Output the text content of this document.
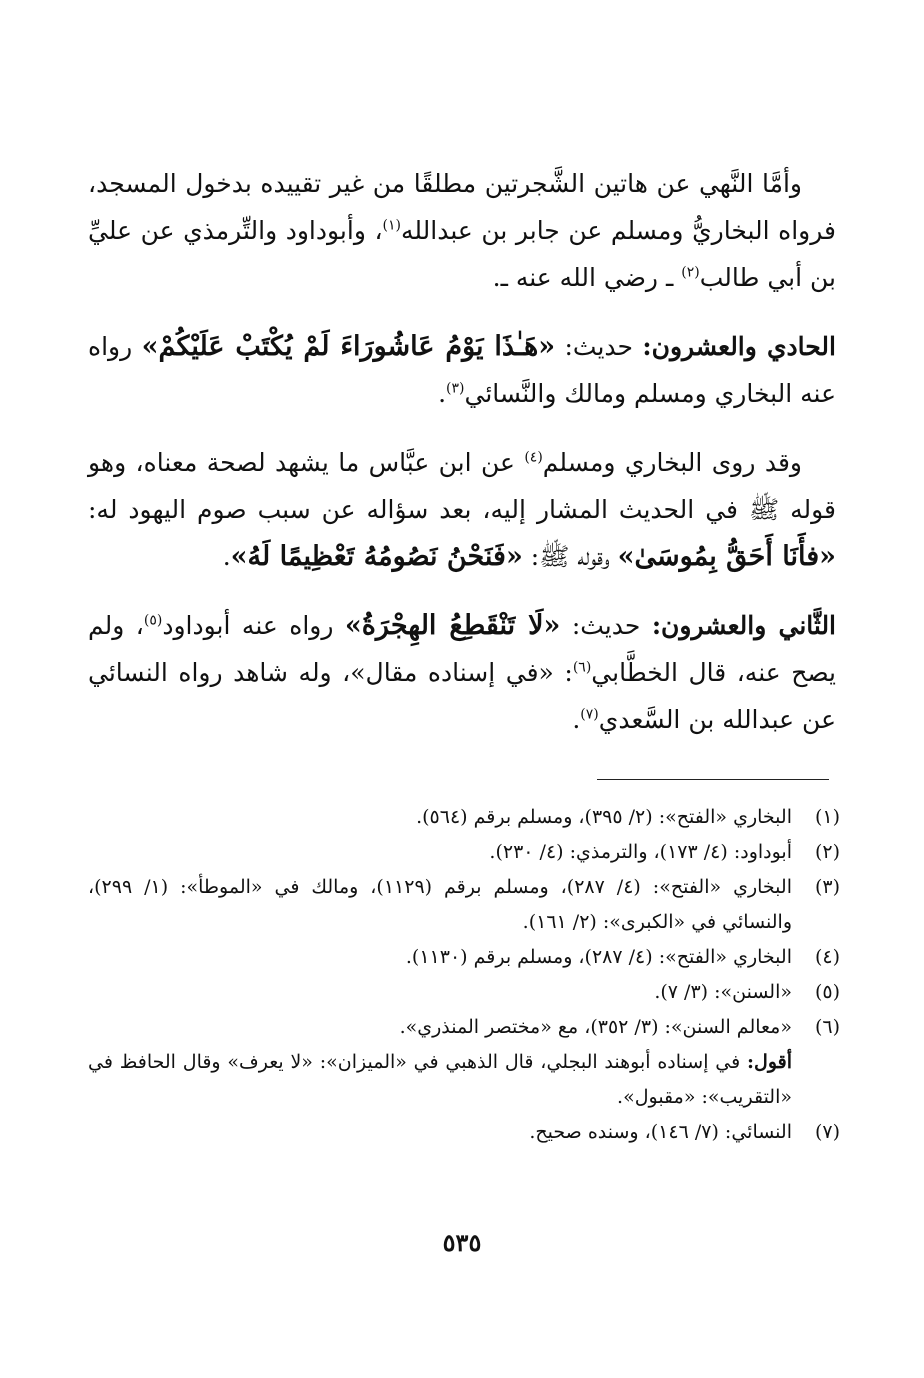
وأمَّا النَّهي عن هاتين الشَّجرتين مطلقًا من غير تقييده بدخول المسجد، فرواه البخاريُّ ومسلم عن جابر بن عبدالله$^{(١)}$، وأبوداود والتِّرمذي عن عليِّ بن أبي طالب$^{(٢)}$ ـ رضي الله عنه ـ.

الحادي والعشرون: حديث: «هَـٰذَا يَوْمُ عَاشُورَاءَ لَمْ يُكْتَبْ عَلَيْكُمْ» رواه عنه البخاري ومسلم ومالك والنَّسائي$^{(٣)}$.

وقد روى البخاري ومسلم$^{(٤)}$ عن ابن عبَّاس ما يشهد لصحة معناه، وهو قوله ﷺ في الحديث المشار إليه، بعد سؤاله عن سبب صوم اليهود له: «فأَنَا أَحَقُّ بِمُوسَىٰ» وقوله ﷺ: «فَنَحْنُ نَصُومُهُ تَعْظِيمًا لَهُ».

الثَّاني والعشرون: حديث: «لَا تَنْقَطِعُ الهِجْرَةُ» رواه عنه أبوداود$^{(٥)}$، ولم يصح عنه، قال الخطَّابي$^{(٦)}$: «في إسناده مقال»، وله شاهد رواه النسائي عن عبدالله بن السَّعدي$^{(٧)}$.

(١)
البخاري «الفتح»: (٢/ ٣٩٥)، ومسلم برقم (٥٦٤).
(٢)
أبوداود: (٤/ ١٧٣)، والترمذي: (٤/ ٢٣٠).
(٣)
البخاري «الفتح»: (٤/ ٢٨٧)، ومسلم برقم (١١٢٩)، ومالك في «الموطأ»: (١/ ٢٩٩)، والنسائي في «الكبرى»: (٢/ ١٦١).
(٤)
البخاري «الفتح»: (٤/ ٢٨٧)، ومسلم برقم (١١٣٠).
(٥)
«السنن»: (٣/ ٧).
(٦)
«معالم السنن»: (٣/ ٣٥٢)، مع «مختصر المنذري».
أقول: في إسناده أبوهند البجلي، قال الذهبي في «الميزان»: «لا يعرف» وقال الحافظ في «التقريب»: «مقبول».
(٧)
النسائي: (٧/ ١٤٦)، وسنده صحيح.
٥٣٥
